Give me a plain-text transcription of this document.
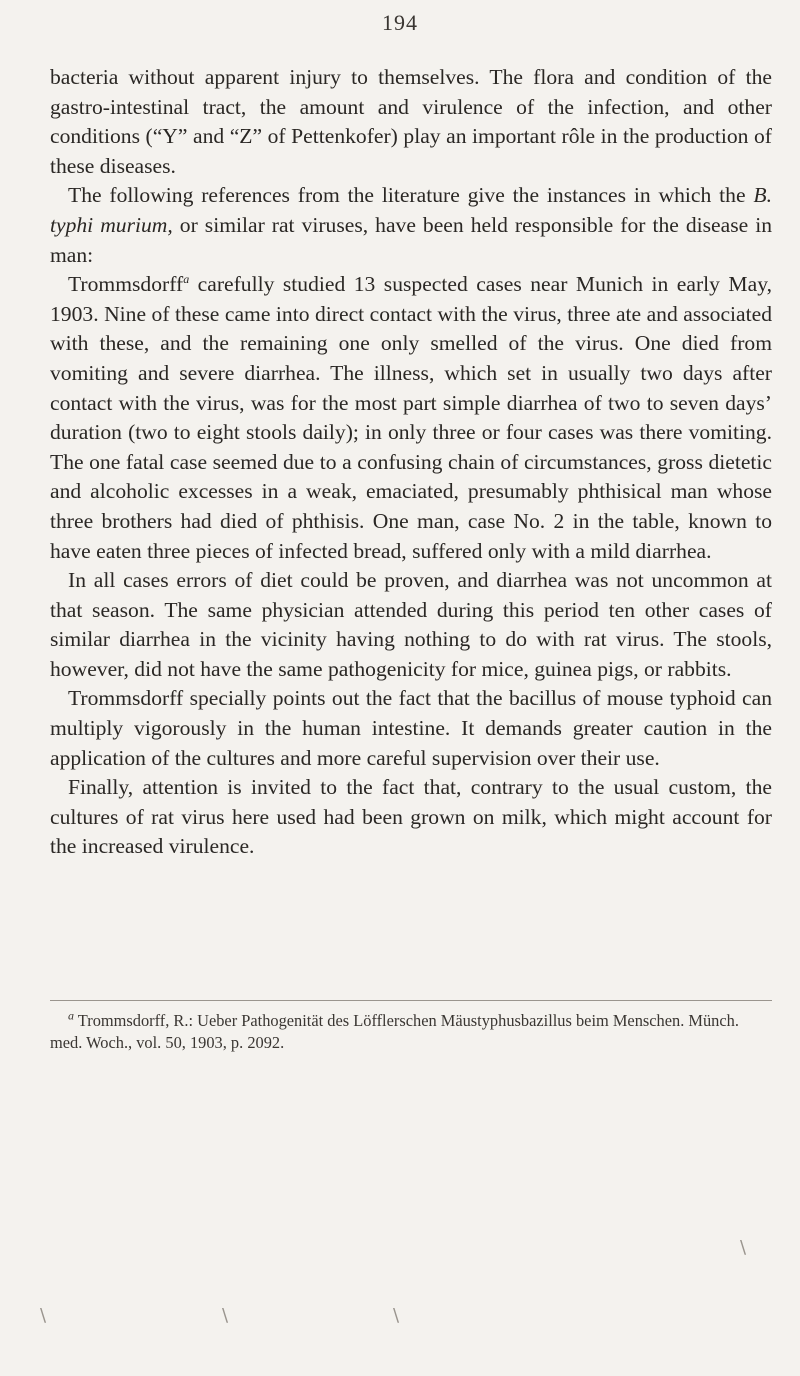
194

bacteria without apparent injury to themselves. The flora and condition of the gastro-intestinal tract, the amount and virulence of the infection, and other conditions (“Y” and “Z” of Pettenkofer) play an important rôle in the production of these diseases.

The following references from the literature give the instances in which the B. typhi murium, or similar rat viruses, have been held responsible for the disease in man:

Trommsdorff$^a$ carefully studied 13 suspected cases near Munich in early May, 1903. Nine of these came into direct contact with the virus, three ate and associated with these, and the remaining one only smelled of the virus. One died from vomiting and severe diarrhea. The illness, which set in usually two days after contact with the virus, was for the most part simple diarrhea of two to seven days’ duration (two to eight stools daily); in only three or four cases was there vomiting. The one fatal case seemed due to a confusing chain of circumstances, gross dietetic and alcoholic excesses in a weak, emaciated, presumably phthisical man whose three brothers had died of phthisis. One man, case No. 2 in the table, known to have eaten three pieces of infected bread, suffered only with a mild diarrhea.

In all cases errors of diet could be proven, and diarrhea was not uncommon at that season. The same physician attended during this period ten other cases of similar diarrhea in the vicinity having nothing to do with rat virus. The stools, however, did not have the same pathogenicity for mice, guinea pigs, or rabbits.

Trommsdorff specially points out the fact that the bacillus of mouse typhoid can multiply vigorously in the human intestine. It demands greater caution in the application of the cultures and more careful supervision over their use.

Finally, attention is invited to the fact that, contrary to the usual custom, the cultures of rat virus here used had been grown on milk, which might account for the increased virulence.

$^a$ Trommsdorff, R.: Ueber Pathogenität des Löfflerschen Mäustyphusbazillus beim Menschen. Münch. med. Woch., vol. 50, 1903, p. 2092.
\	\	\
\
